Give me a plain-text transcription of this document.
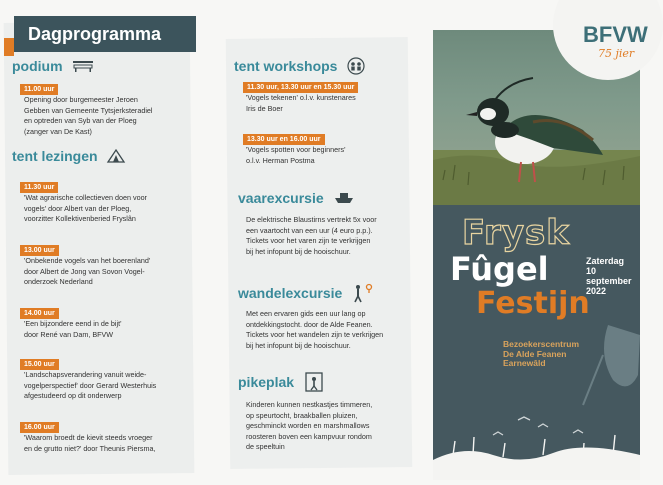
Dagprogramma
podium
11.00 uur
Opening door burgemeester Jeroen
Gebben van Gemeente Tytsjerksteradiel
en optreden van Syb van der Ploeg
(zanger van De Kast)
tent lezingen
11.30 uur
'Wat agrarische collectieven doen voor
vogels' door Albert van der Ploeg,
voorzitter Kollektivenberied Fryslân
13.00 uur
'Onbekende vogels van het boerenland'
door Albert de Jong van Sovon Vogel-
onderzoek Nederland
14.00 uur
'Een bijzondere eend in de bijt'
door René van Dam, BFVW
15.00 uur
'Landschapsverandering vanuit weide-
vogelperspectief' door Gerard Westerhuis
afgestudeerd op dit onderwerp
16.00 uur
'Waarom broedt de kievit steeds vroeger
en de grutto niet?' door Theunis Piersma,
tent workshops
11.30 uur, 13.30 uur en 15.30 uur
'Vogels tekenen' o.l.v. kunstenares
Iris de Boer
13.30 uur en 16.00 uur
'Vogels spotten voor beginners'
o.l.v. Herman Postma
vaarexcursie
De elektrische Blaustirns vertrekt 5x voor
een vaartocht van een uur (4 euro p.p.).
Tickets voor het varen zijn te verkrijgen
bij het infopunt bij de hooischuur.
wandelexcursie
Met een ervaren gids een uur lang op
ontdekkingstocht. door de Alde Feanen.
Tickets voor het wandelen zijn te verkrijgen
bij het infopunt bij de hooischuur.
pikeplak
Kinderen kunnen nestkastjes timmeren,
op speurtocht, braakballen pluizen,
geschminckt worden en marshmallows
roosteren boven een kampvuur rondom
de speeltuin
BFVW
75 jier
Frysk
Fûgel
Festijn
Zaterdag
10 september
2022
Bezoekerscentrum
De Alde Feanen
Earnewâld
